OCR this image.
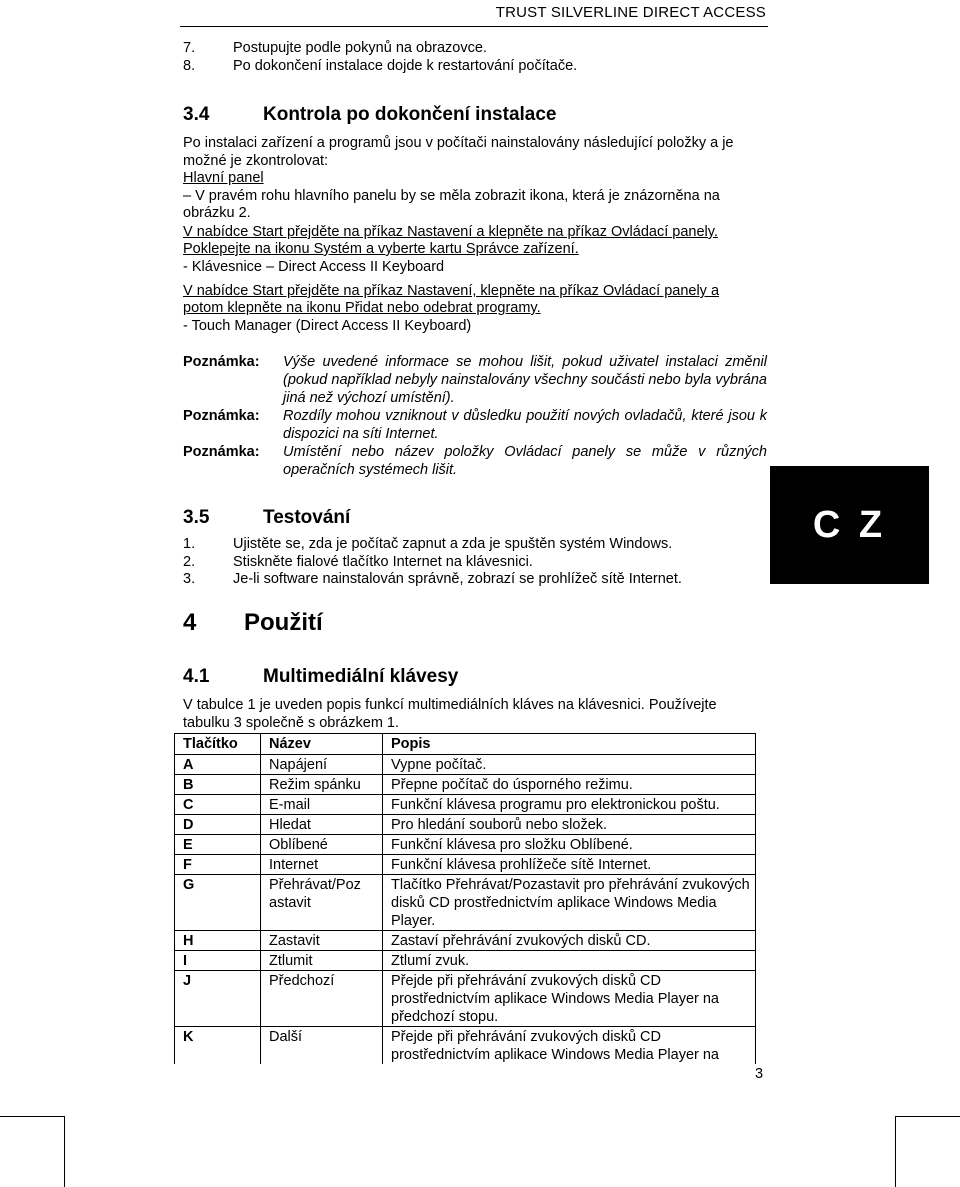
TRUST SILVERLINE DIRECT ACCESS
7.	Postupujte podle pokynů na obrazovce.
8.	Po dokončení instalace dojde k restartování počítače.
3.4	Kontrola po dokončení instalace
Po instalaci zařízení a programů jsou v počítači nainstalovány následující položky a je
možné je zkontrolovat:
Hlavní panel
– V pravém rohu hlavního panelu by se měla zobrazit ikona, která je znázorněna na
obrázku 2.
V nabídce Start přejděte na příkaz Nastavení a klepněte na příkaz Ovládací panely.
Poklepejte na ikonu Systém a vyberte kartu Správce zařízení.
- Klávesnice – Direct Access II Keyboard
V nabídce Start přejděte na příkaz Nastavení, klepněte na příkaz Ovládací panely a
potom klepněte na ikonu Přidat nebo odebrat programy.
- Touch Manager (Direct Access II Keyboard)
Poznámka: Výše uvedené informace se mohou lišit, pokud uživatel instalaci změnil (pokud například nebyly nainstalovány všechny součásti nebo byla vybrána jiná než výchozí umístění).
Poznámka: Rozdíly mohou vzniknout v důsledku použití nových ovladačů, které jsou k dispozici na síti Internet.
Poznámka: Umístění nebo název položky Ovládací panely se může v různých operačních systémech lišit.
C Z
3.5	Testování
1.	Ujistěte se, zda je počítač zapnut a zda je spuštěn systém Windows.
2.	Stiskněte fialové tlačítko Internet na klávesnici.
3.	Je-li software nainstalován správně, zobrazí se prohlížeč sítě Internet.
4 Použití
4.1	Multimediální klávesy
V tabulce 1 je uveden popis funkcí multimediálních kláves na klávesnici. Používejte
tabulku 3 společně s obrázkem 1.
Tlačítko	Název	Popis
A	Napájení	Vypne počítač.
B	Režim spánku	Přepne počítač do úsporného režimu.
C	E-mail	Funkční klávesa programu pro elektronickou poštu.
D	Hledat	Pro hledání souborů nebo složek.
E	Oblíbené	Funkční klávesa pro složku Oblíbené.
F	Internet	Funkční klávesa prohlížeče sítě Internet.
G	Přehrávat/Poz astavit	Tlačítko Přehrávat/Pozastavit pro přehrávání zvukových disků CD prostřednictvím aplikace Windows Media Player.
H	Zastavit	Zastaví přehrávání zvukových disků CD.
I	Ztlumit	Ztlumí zvuk.
J	Předchozí	Přejde při přehrávání zvukových disků CD prostřednictvím aplikace Windows Media Player na předchozí stopu.
K	Další	Přejde při přehrávání zvukových disků CD prostřednictvím aplikace Windows Media Player na
3
